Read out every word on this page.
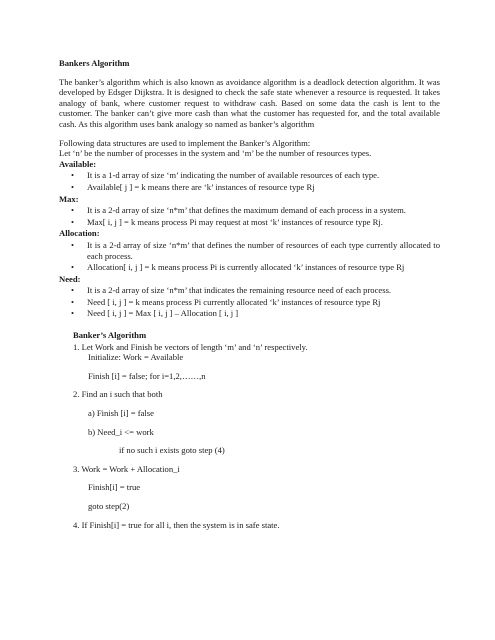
Bankers Algorithm

The banker’s algorithm which is also known as avoidance algorithm is a deadlock detection algorithm. It was developed by Edsger Dijkstra. It is designed to check the safe state whenever a resource is requested. It takes analogy of bank, where customer request to withdraw cash. Based on some data the cash is lent to the customer. The banker can’t give more cash than what the customer has requested for, and the total available cash. As this algorithm uses bank analogy so named as banker’s algorithm

Following data structures are used to implement the Banker’s Algorithm:

Let ‘n’ be the number of processes in the system and ‘m’ be the number of resources types.

Available:

• It is a 1-d array of size ‘m’ indicating the number of available resources of each type.
• Available[ j ] = k means there are ‘k’ instances of resource type Rj

Max:

• It is a 2-d array of size ‘n*m’ that defines the maximum demand of each process in a system.
• Max[ i, j ] = k means process Pi may request at most ‘k’ instances of resource type Rj.

Allocation:

• It is a 2-d array of size ‘n*m’ that defines the number of resources of each type currently allocated to each process.
• Allocation[ i, j ] = k means process Pi is currently allocated ‘k’ instances of resource type Rj

Need:

• It is a 2-d array of size ‘n*m’ that indicates the remaining resource need of each process.
• Need [ i, j ] = k means process Pi currently allocated ‘k’ instances of resource type Rj
• Need [ i, j ] = Max [ i, j ] – Allocation [ i, j ]

Banker’s Algorithm

1. Let Work and Finish be vectors of length ‘m’ and ‘n’ respectively.

Initialize: Work = Available

Finish [i] = false; for i=1,2,……,n

2. Find an i such that both

a) Finish [i] = false

b) Need_i <= work

if no such i exists goto step (4)

3. Work = Work + Allocation_i

Finish[i] = true

goto step(2)

4. If Finish[i] = true for all i, then the system is in safe state.
